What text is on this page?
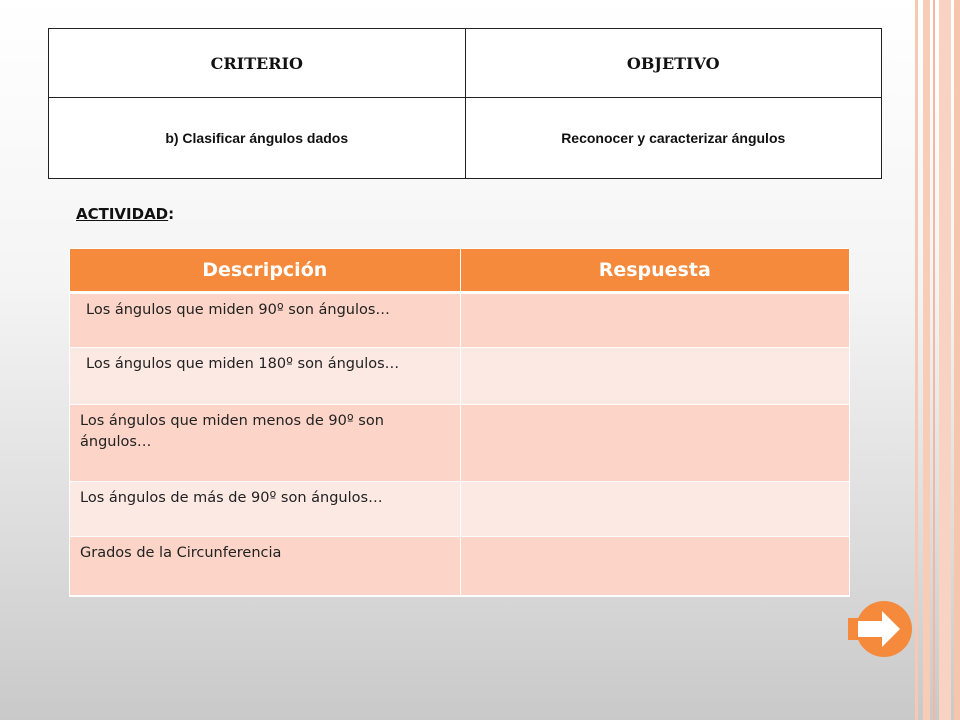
CRITERIO	OBJETIVO
b) Clasificar ángulos dados	Reconocer y caracterizar ángulos
ACTIVIDAD:
Descripción	Respuesta
Los ángulos que miden 90º son ángulos…	
Los ángulos que miden 180º son ángulos…	
Los ángulos que miden menos de 90º son ángulos…	
Los ángulos de más de 90º son ángulos…	
Grados de la Circunferencia	
